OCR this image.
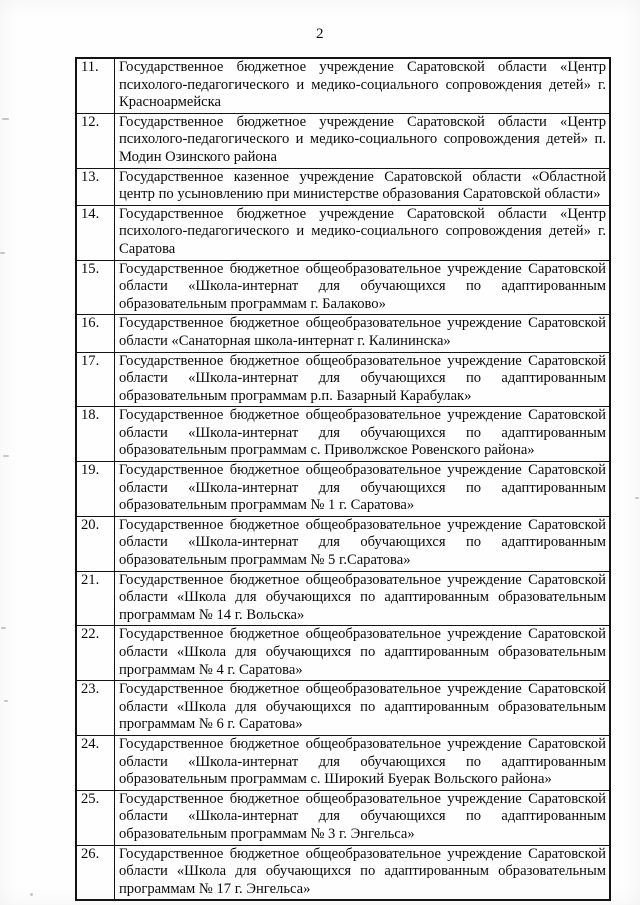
2
11.	Государственное бюджетное учреждение Саратовской области «Центр психолого-педагогического и медико-социального сопровождения детей» г. Красноармейска
12.	Государственное бюджетное учреждение Саратовской области «Центр психолого-педагогического и медико-социального сопровождения детей» п. Модин Озинского района
13.	Государственное казенное учреждение Саратовской области «Областной центр по усыновлению при министерстве образования Саратовской области»
14.	Государственное бюджетное учреждение Саратовской области «Центр психолого-педагогического и медико-социального сопровождения детей» г. Саратова
15.	Государственное бюджетное общеобразовательное учреждение Саратовской области «Школа-интернат для обучающихся по адаптированным образовательным программам г. Балаково»
16.	Государственное бюджетное общеобразовательное учреждение Саратовской области «Санаторная школа-интернат г. Калининска»
17.	Государственное бюджетное общеобразовательное учреждение Саратовской области «Школа-интернат для обучающихся по адаптированным образовательным программам р.п. Базарный Карабулак»
18.	Государственное бюджетное общеобразовательное учреждение Саратовской области «Школа-интернат для обучающихся по адаптированным образовательным программам с. Приволжское Ровенского района»
19.	Государственное бюджетное общеобразовательное учреждение Саратовской области «Школа-интернат для обучающихся по адаптированным образовательным программам № 1 г. Саратова»
20.	Государственное бюджетное общеобразовательное учреждение Саратовской области «Школа-интернат для обучающихся по адаптированным образовательным программам № 5 г.Саратова»
21.	Государственное бюджетное общеобразовательное учреждение Саратовской области «Школа для обучающихся по адаптированным образовательным программам № 14 г. Вольска»
22.	Государственное бюджетное общеобразовательное учреждение Саратовской области «Школа для обучающихся по адаптированным образовательным программам № 4 г. Саратова»
23.	Государственное бюджетное общеобразовательное учреждение Саратовской области «Школа для обучающихся по адаптированным образовательным программам № 6 г. Саратова»
24.	Государственное бюджетное общеобразовательное учреждение Саратовской области «Школа-интернат для обучающихся по адаптированным образовательным программам с. Широкий Буерак Вольского района»
25.	Государственное бюджетное общеобразовательное учреждение Саратовской области «Школа-интернат для обучающихся по адаптированным образовательным программам № 3 г. Энгельса»
26.	Государственное бюджетное общеобразовательное учреждение Саратовской области «Школа для обучающихся по адаптированным образовательным программам № 17 г. Энгельса»
